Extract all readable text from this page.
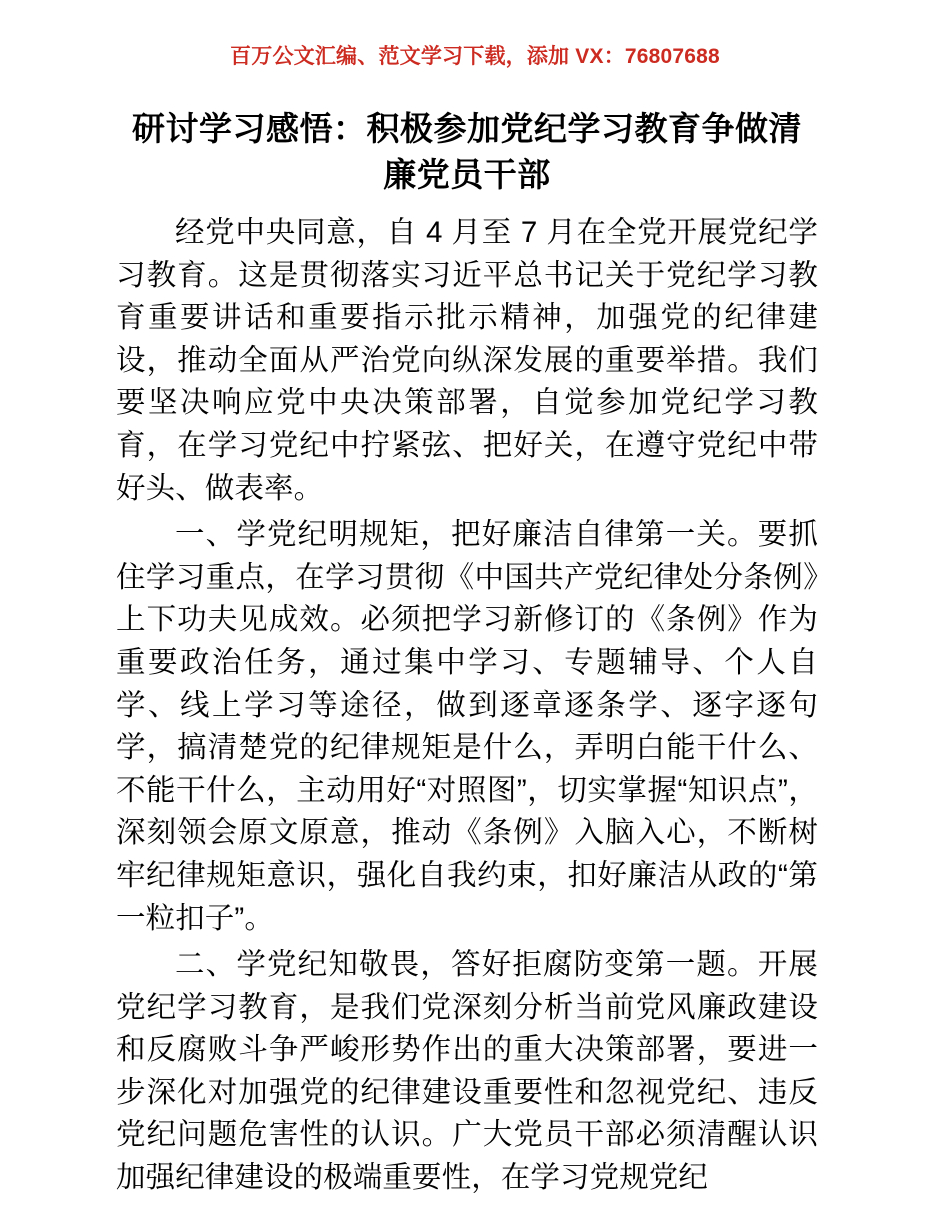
百万公文汇编、范文学习下载，添加 VX：76807688
研讨学习感悟：积极参加党纪学习教育争做清廉党员干部

经党中央同意，自 4 月至 7 月在全党开展党纪学习教育。这是贯彻落实习近平总书记关于党纪学习教育重要讲话和重要指示批示精神，加强党的纪律建设，推动全面从严治党向纵深发展的重要举措。我们要坚决响应党中央决策部署，自觉参加党纪学习教育，在学习党纪中拧紧弦、把好关，在遵守党纪中带好头、做表率。

一、学党纪明规矩，把好廉洁自律第一关。要抓住学习重点，在学习贯彻《中国共产党纪律处分条例》上下功夫见成效。必须把学习新修订的《条例》作为重要政治任务，通过集中学习、专题辅导、个人自学、线上学习等途径，做到逐章逐条学、逐字逐句学，搞清楚党的纪律规矩是什么，弄明白能干什么、不能干什么，主动用好“对照图”，切实掌握“知识点”，深刻领会原文原意，推动《条例》入脑入心，不断树牢纪律规矩意识，强化自我约束，扣好廉洁从政的“第一粒扣子”。

二、学党纪知敬畏，答好拒腐防变第一题。开展党纪学习教育，是我们党深刻分析当前党风廉政建设和反腐败斗争严峻形势作出的重大决策部署，要进一步深化对加强党的纪律建设重要性和忽视党纪、违反党纪问题危害性的认识。广大党员干部必须清醒认识加强纪律建设的极端重要性，在学习党规党纪
